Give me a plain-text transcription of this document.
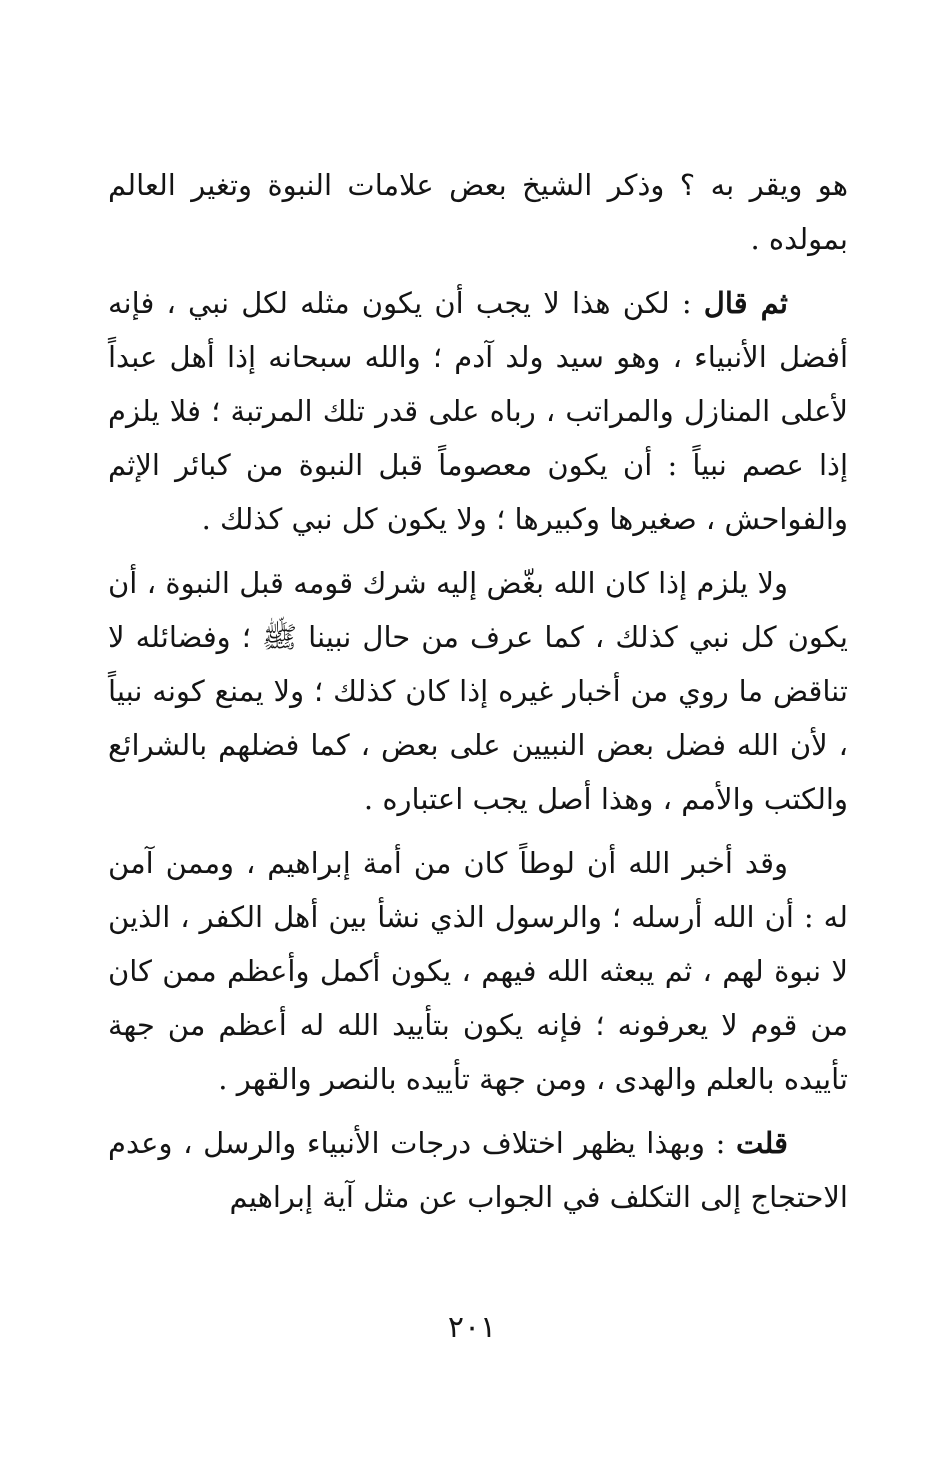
هو ويقر به ؟ وذكر الشيخ بعض علامات النبوة وتغير العالم بمولده .

ثم قال : لكن هذا لا يجب أن يكون مثله لكل نبي ، فإنه أفضل الأنبياء ، وهو سيد ولد آدم ؛ والله سبحانه إذا أهل عبداً لأعلى المنازل والمراتب ، رباه على قدر تلك المرتبة ؛ فلا يلزم إذا عصم نبياً : أن يكون معصوماً قبل النبوة من كبائر الإثم والفواحش ، صغيرها وكبيرها ؛ ولا يكون كل نبي كذلك .

ولا يلزم إذا كان الله بغّض إليه شرك قومه قبل النبوة ، أن يكون كل نبي كذلك ، كما عرف من حال نبينا ﷺ ؛ وفضائله لا تناقض ما روي من أخبار غيره إذا كان كذلك ؛ ولا يمنع كونه نبياً ، لأن الله فضل بعض النبيين على بعض ، كما فضلهم بالشرائع والكتب والأمم ، وهذا أصل يجب اعتباره .

وقد أخبر الله أن لوطاً كان من أمة إبراهيم ، وممن آمن له : أن الله أرسله ؛ والرسول الذي نشأ بين أهل الكفر ، الذين لا نبوة لهم ، ثم يبعثه الله فيهم ، يكون أكمل وأعظم ممن كان من قوم لا يعرفونه ؛ فإنه يكون بتأييد الله له أعظم من جهة تأييده بالعلم والهدى ، ومن جهة تأييده بالنصر والقهر .

قلت : وبهذا يظهر اختلاف درجات الأنبياء والرسل ، وعدم الاحتجاج إلى التكلف في الجواب عن مثل آية إبراهيم

٢٠١
